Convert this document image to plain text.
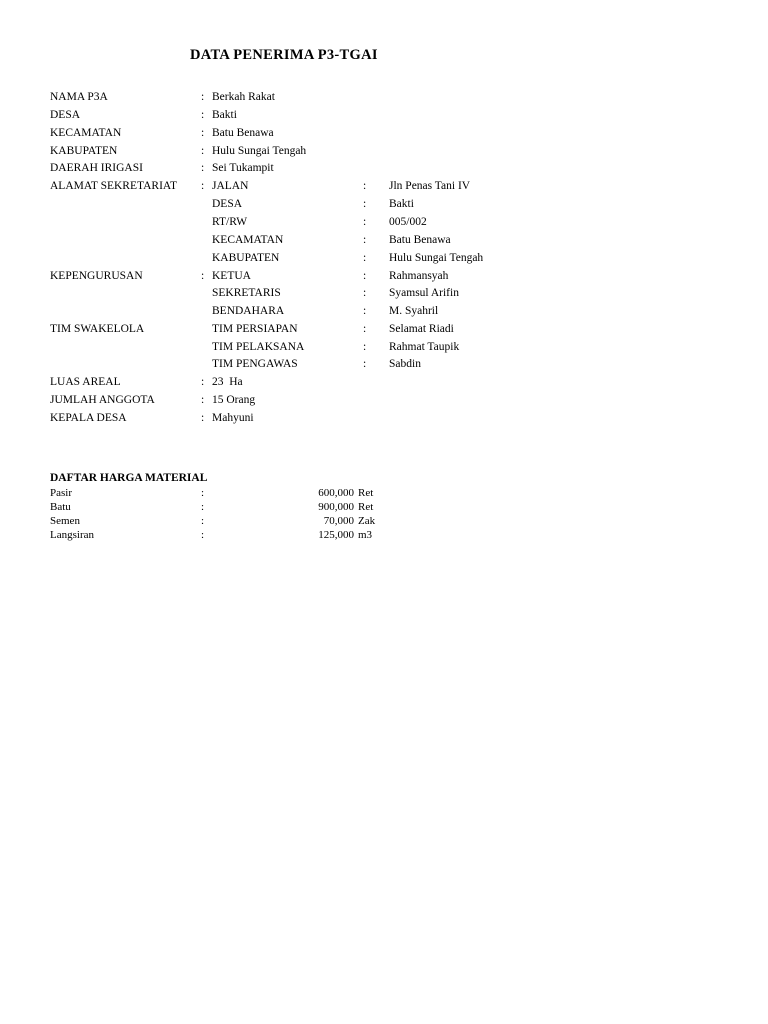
DATA PENERIMA P3-TGAI
NAMA P3A	: Berkah Rakat
DESA	: Bakti
KECAMATAN	: Batu Benawa
KABUPATEN	: Hulu Sungai Tengah
DAERAH IRIGASI	: Sei Tukampit
ALAMAT SEKRETARIAT : JALAN	: Jln Penas Tani IV
DESA	: Bakti
RT/RW	: 005/002
KECAMATAN	: Batu Benawa
KABUPATEN	: Hulu Sungai Tengah
KEPENGURUSAN	: KETUA	: Rahmansyah
SEKRETARIS	: Syamsul Arifin
BENDAHARA	: M. Syahril
TIM SWAKELOLA	TIM PERSIAPAN	: Selamat Riadi
TIM PELAKSANA	: Rahmat Taupik
TIM PENGAWAS	: Sabdin
LUAS AREAL	: 23  Ha
JUMLAH ANGGOTA	: 15 Orang
KEPALA DESA	: Mahyuni
DAFTAR HARGA MATERIAL
Pasir	:	600,000 Ret
Batu	:	900,000 Ret
Semen	:	70,000 Zak
Langsiran	:	125,000 m3
